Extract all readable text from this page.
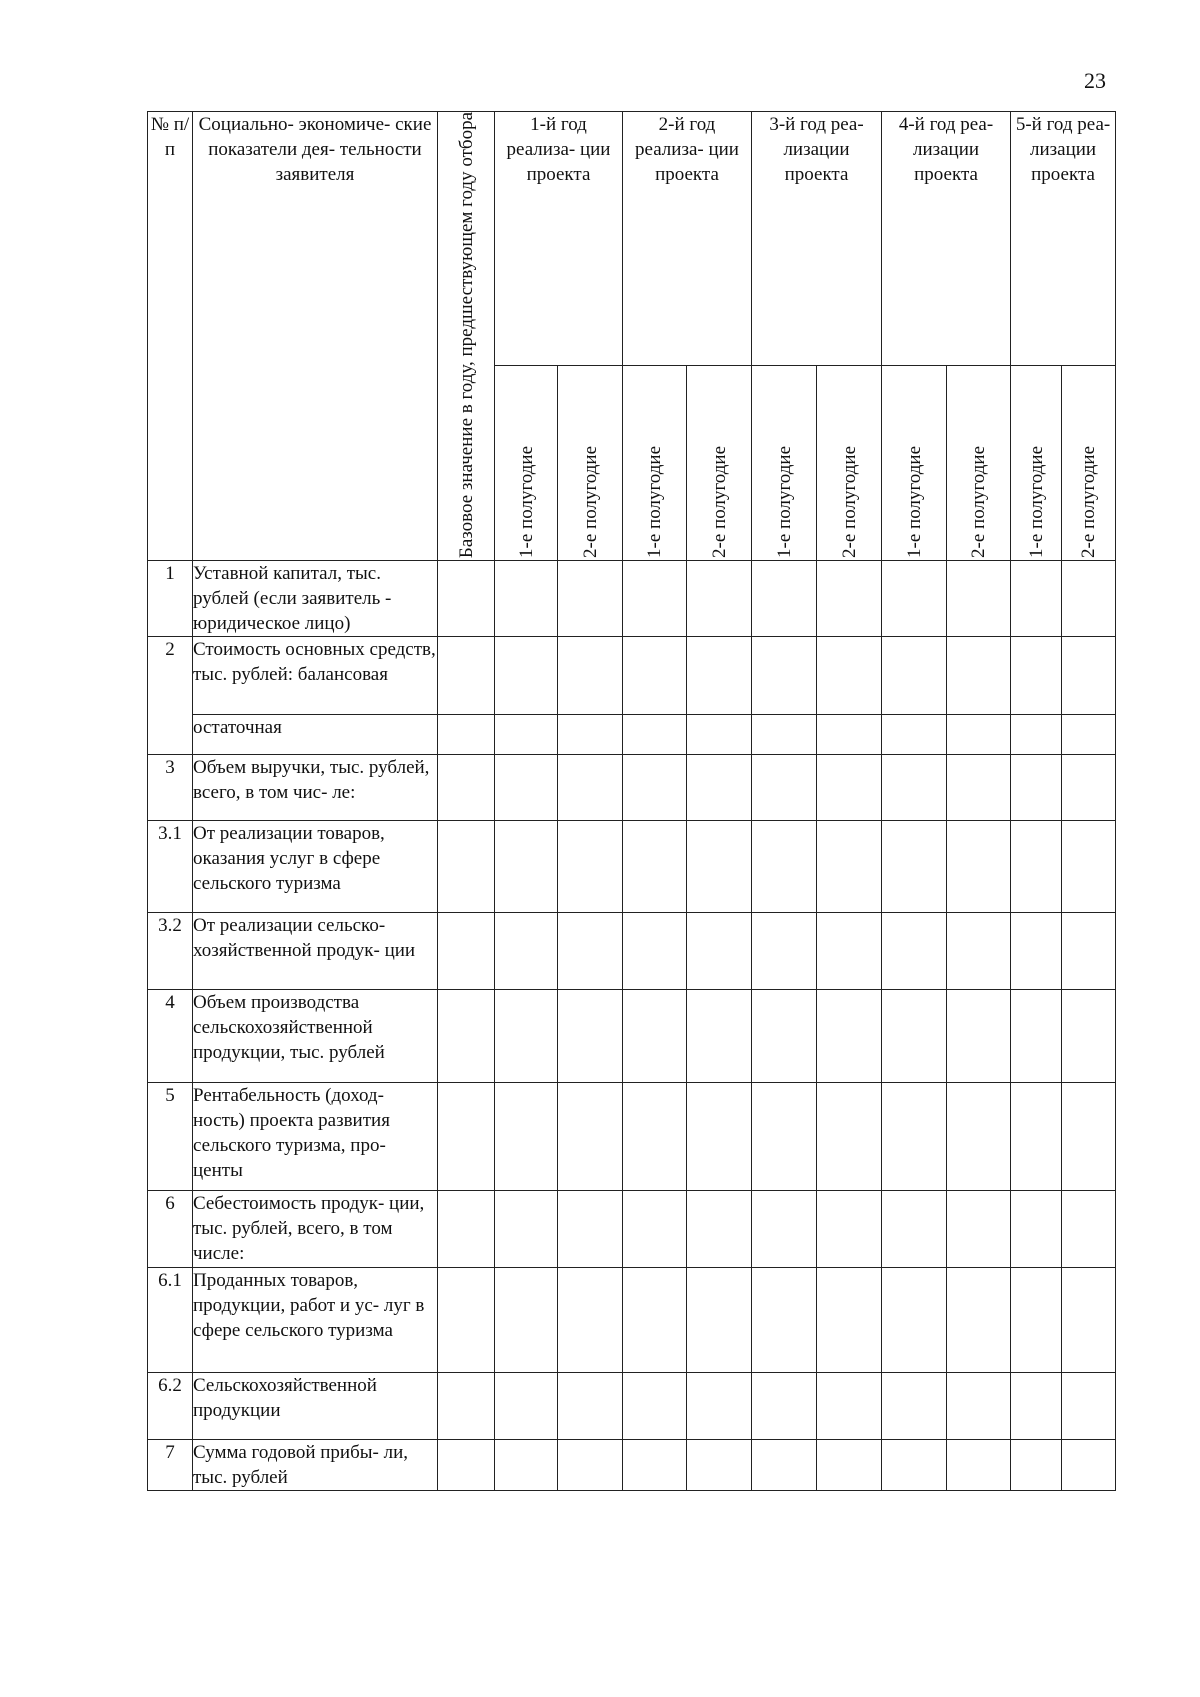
23
№ п/п	Социально- экономиче- ские показатели дея- тельности заявителя	Базовое значение в году, предшествующем году отбора	1-й год реализа- ции проекта		2-й год реализа- ции проекта		3-й год реа- лизации проекта		4-й год реа- лизации проекта		5-й год реа- лизации проекта	

			1-е полугодие	2-е полугодие	1-е полугодие	2-е полугодие	1-е полугодие	2-е полугодие	1-е полугодие	2-е полугодие	1-е полугодие	2-е полугодие

1	Уставной капитал, тыс. рублей (если заявитель - юридическое лицо)											
2	Стоимость основных средств, тыс. рублей: балансовая											
	остаточная											
3	Объем выручки, тыс. рублей, всего, в том чис- ле:											
3.1	От реализации товаров, оказания услуг в сфере сельского туризма											
3.2	От реализации сельско- хозяйственной продук- ции											
4	Объем производства сельскохозяйственной продукции, тыс. рублей											
5	Рентабельность (доход- ность) проекта развития сельского туризма, про- центы											
6	Себестоимость продук- ции, тыс. рублей, всего, в том числе:											
6.1	Проданных товаров, продукции, работ и ус- луг в сфере сельского туризма											
6.2	Сельскохозяйственной продукции											
7	Сумма годовой прибы- ли, тыс. рублей											
